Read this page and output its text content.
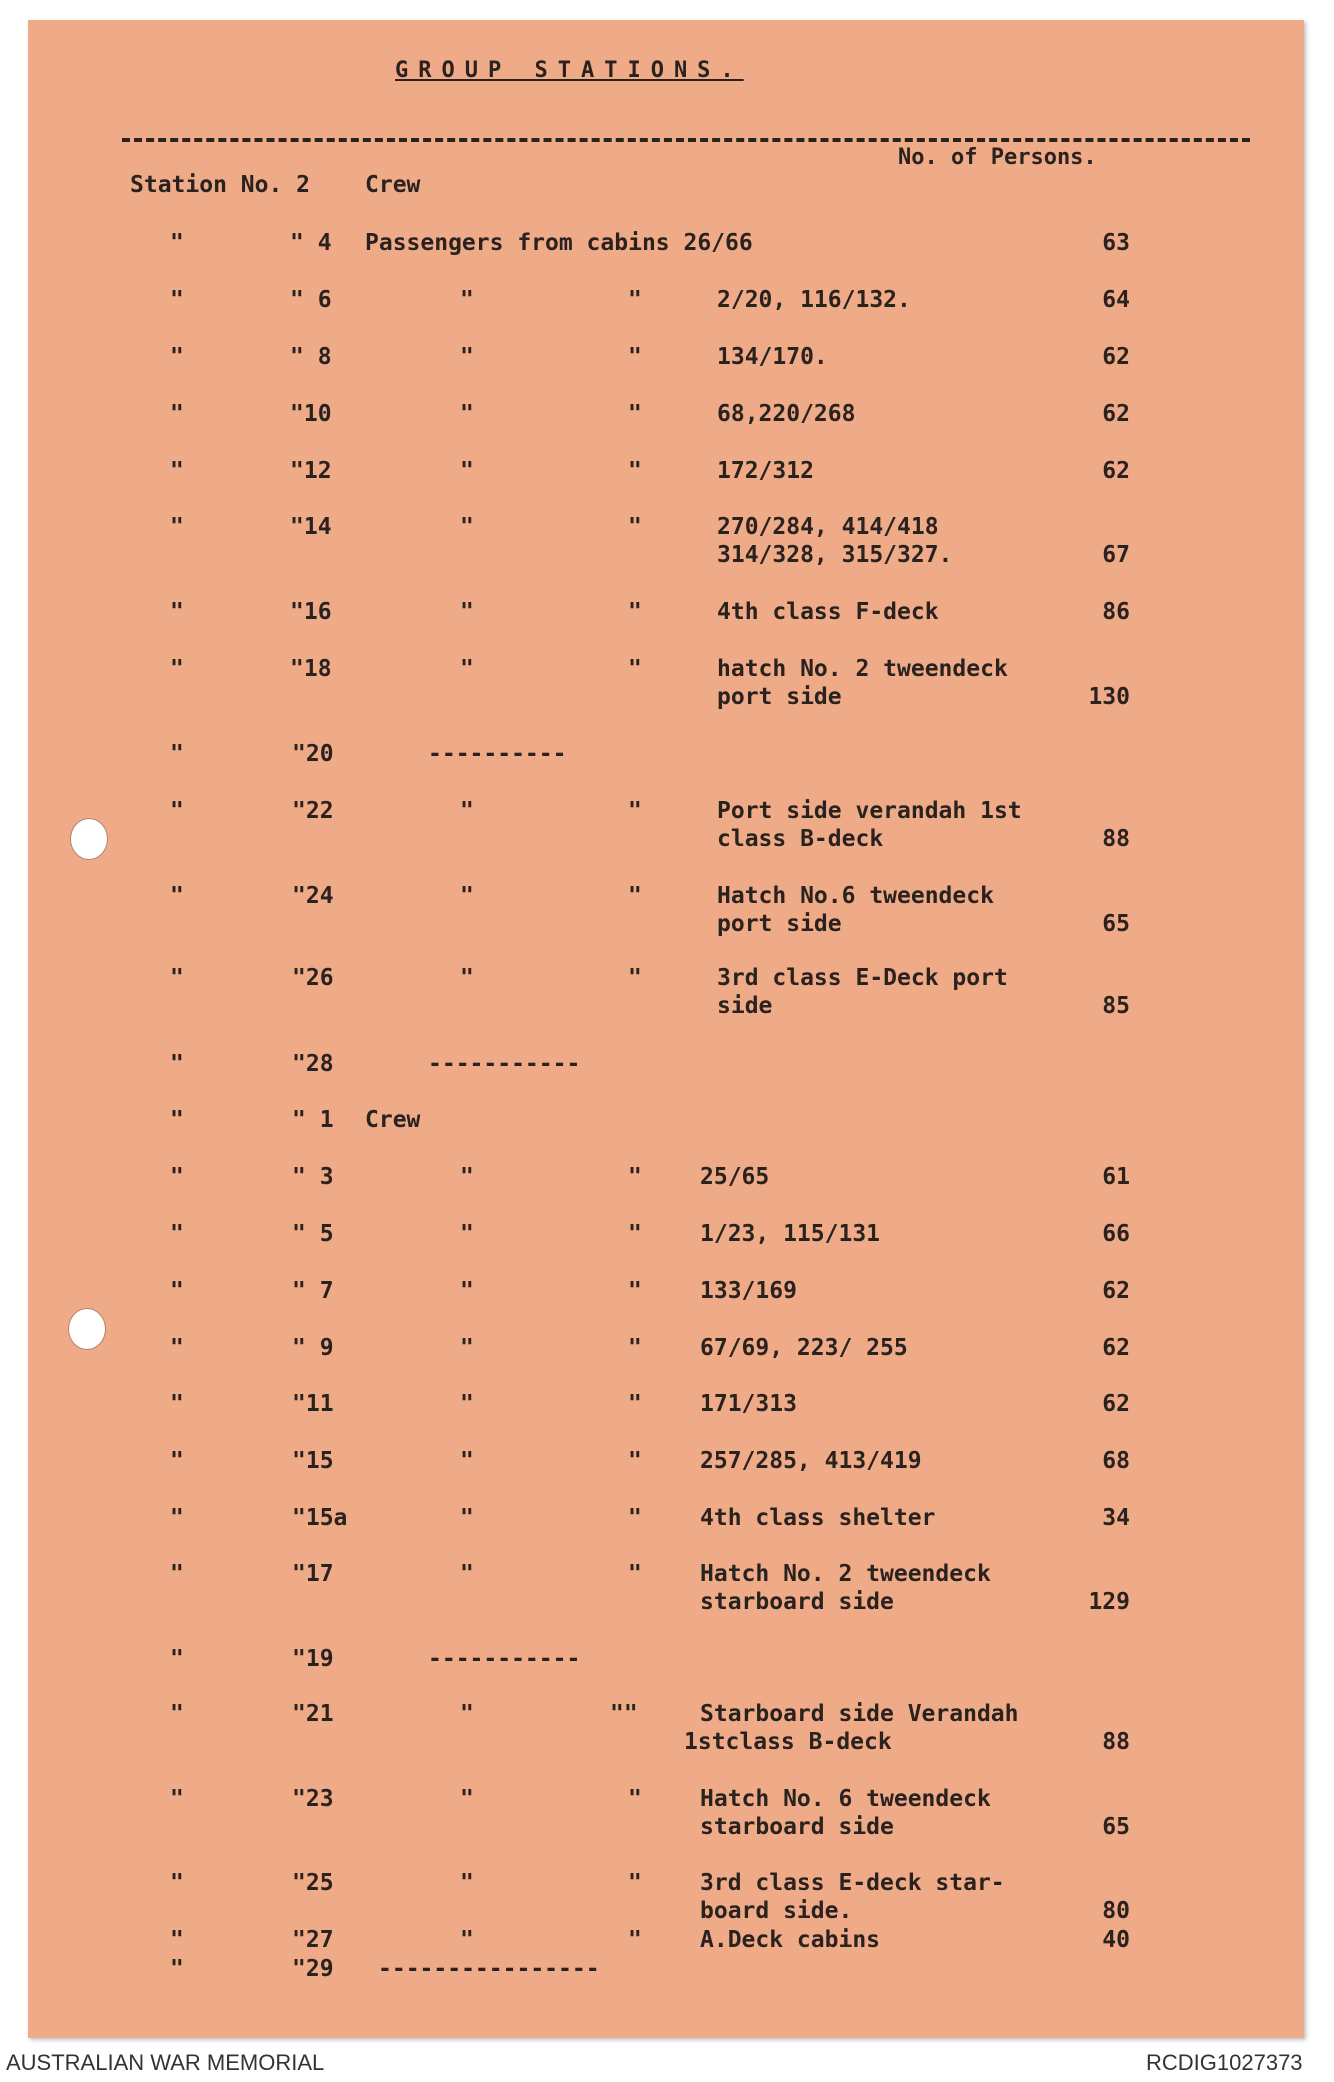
GROUP STATIONS.
No. of Persons.
Station No. 2 Crew
"	" 4 Passengers from cabins 26/66	63
"	" 6	"	"	2/20, 116/132.	64
"	" 8	"	"	134/170.	62
"	"10	"	"	68,220/268	62
"	"12	"	"	172/312	62
"	"14	"	"	270/284, 414/418
314/328, 315/327.	67
"	"16	"	"	4th class F-deck	86
"	"18	"	"	hatch No. 2 tweendeck
port side	130
"	"20	----------
"	"22	"	"	Port side verandah 1st
class B-deck	88
"	"24	"	"	Hatch No.6 tweendeck
port side	65
"	"26	"	"	3rd class E-Deck port
side	85
"	"28	-----------
"	" 1 Crew
"	" 3	"	"	25/65	61
"	" 5	"	"	1/23, 115/131	66
"	" 7	"	"	133/169	62
"	" 9	"	"	67/69, 223/ 255	62
"	"11	"	"	171/313	62
"	"15	"	"	257/285, 413/419	68
"	"15a	"	"	4th class shelter	34
"	"17	"	"	Hatch No. 2 tweendeck
starboard side	129
"	"19	-----------
"	"21	"	""	Starboard side Verandah
1stclass B-deck	88
"	"23	"	"	Hatch No. 6 tweendeck
starboard side	65
"	"25	"	"	3rd class E-deck star-
board side.	80
"	"27	"	"	A.Deck cabins	40
"	"29 ----------------
AUSTRALIAN WAR MEMORIAL	RCDIG1027373
